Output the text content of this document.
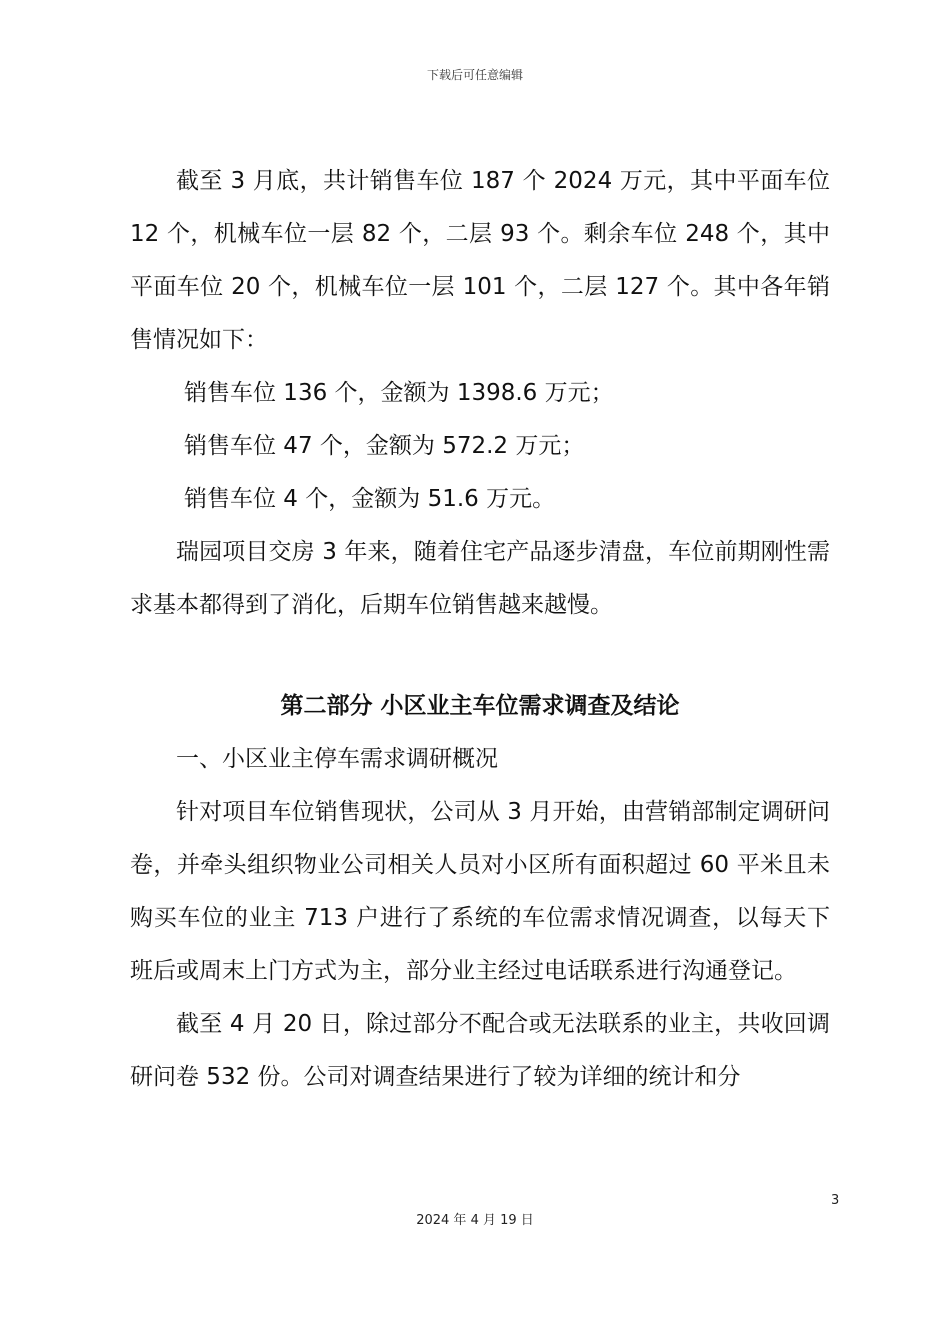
下载后可任意编辑

截至 3 月底，共计销售车位 187 个 2024 万元，其中平面车位 12 个，机械车位一层 82 个，二层 93 个。剩余车位 248 个，其中平面车位 20 个，机械车位一层 101 个，二层 127 个。其中各年销售情况如下：

销售车位 136 个，金额为 1398.6 万元；

销售车位 47 个，金额为 572.2 万元；

销售车位 4 个，金额为 51.6 万元。

瑞园项目交房 3 年来，随着住宅产品逐步清盘，车位前期刚性需求基本都得到了消化，后期车位销售越来越慢。

第二部分 小区业主车位需求调查及结论

一、小区业主停车需求调研概况

针对项目车位销售现状，公司从 3 月开始，由营销部制定调研问卷，并牵头组织物业公司相关人员对小区所有面积超过 60 平米且未购买车位的业主 713 户进行了系统的车位需求情况调查，以每天下班后或周末上门方式为主，部分业主经过电话联系进行沟通登记。

截至 4 月 20 日，除过部分不配合或无法联系的业主，共收回调研问卷 532 份。公司对调查结果进行了较为详细的统计和分

3
2024 年 4 月 19 日
